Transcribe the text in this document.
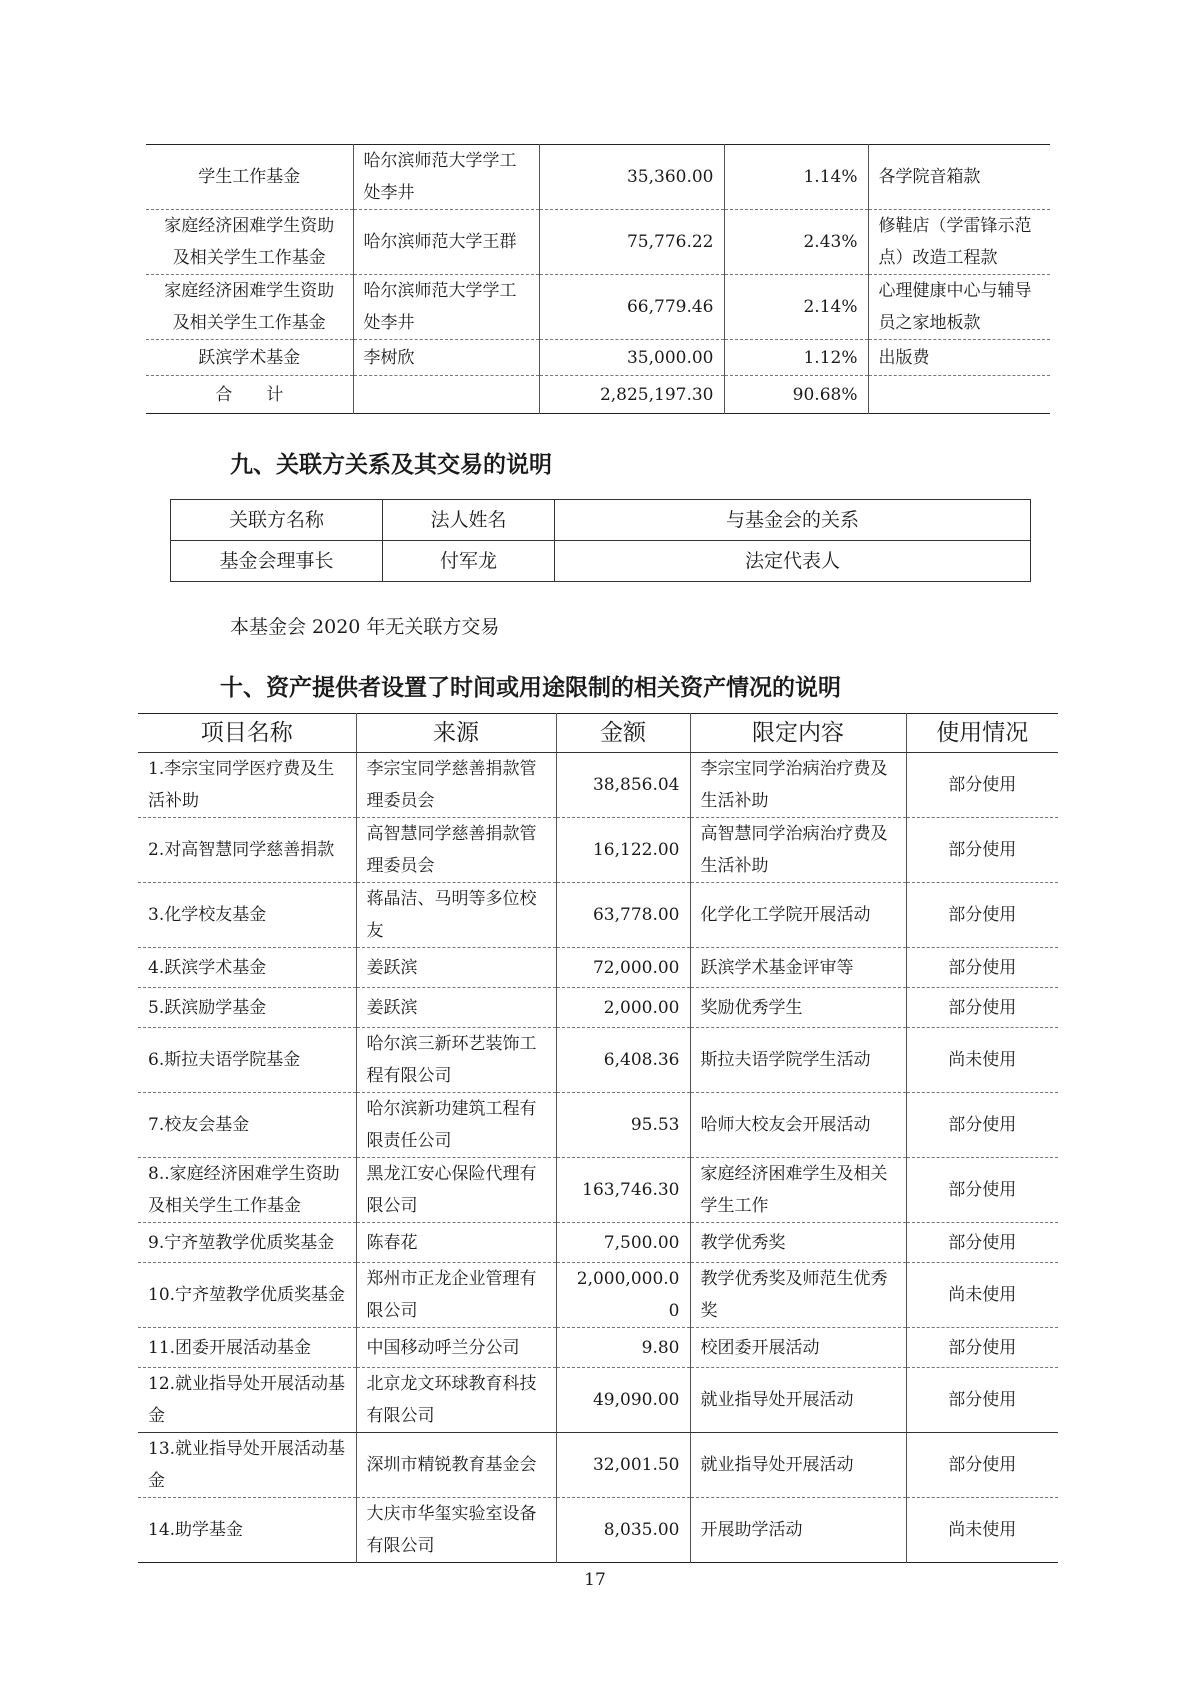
学生工作基金	哈尔滨师范大学学工处李井	35,360.00	1.14%	各学院音箱款
家庭经济困难学生资助及相关学生工作基金	哈尔滨师范大学王群	75,776.22	2.43%	修鞋店（学雷锋示范点）改造工程款
家庭经济困难学生资助及相关学生工作基金	哈尔滨师范大学学工处李井	66,779.46	2.14%	心理健康中心与辅导员之家地板款
跃滨学术基金	李树欣	35,000.00	1.12%	出版费
合　　计		2,825,197.30	90.68%	
九、关联方关系及其交易的说明
关联方名称	法人姓名	与基金会的关系
基金会理事长	付军龙	法定代表人

本基金会 2020 年无关联方交易

十、资产提供者设置了时间或用途限制的相关资产情况的说明
项目名称	来源	金额	限定内容	使用情况
1.李宗宝同学医疗费及生活补助	李宗宝同学慈善捐款管理委员会	38,856.04	李宗宝同学治病治疗费及生活补助	部分使用
2.对高智慧同学慈善捐款	高智慧同学慈善捐款管理委员会	16,122.00	高智慧同学治病治疗费及生活补助	部分使用
3.化学校友基金	蒋晶洁、马明等多位校友	63,778.00	化学化工学院开展活动	部分使用
4.跃滨学术基金	姜跃滨	72,000.00	跃滨学术基金评审等	部分使用
5.跃滨励学基金	姜跃滨	2,000.00	奖励优秀学生	部分使用
6.斯拉夫语学院基金	哈尔滨三新环艺装饰工程有限公司	6,408.36	斯拉夫语学院学生活动	尚未使用
7.校友会基金	哈尔滨新功建筑工程有限责任公司	95.53	哈师大校友会开展活动	部分使用
8..家庭经济困难学生资助及相关学生工作基金	黑龙江安心保险代理有限公司	163,746.30	家庭经济困难学生及相关学生工作	部分使用
9.宁齐堃教学优质奖基金	陈春花	7,500.00	教学优秀奖	部分使用
10.宁齐堃教学优质奖基金	郑州市正龙企业管理有限公司	2,000,000.00	教学优秀奖及师范生优秀奖	尚未使用
11.团委开展活动基金	中国移动呼兰分公司	9.80	校团委开展活动	部分使用
12.就业指导处开展活动基金	北京龙文环球教育科技有限公司	49,090.00	就业指导处开展活动	部分使用
13.就业指导处开展活动基金	深圳市精锐教育基金会	32,001.50	就业指导处开展活动	部分使用
14.助学基金	大庆市华玺实验室设备有限公司	8,035.00	开展助学活动	尚未使用
17
